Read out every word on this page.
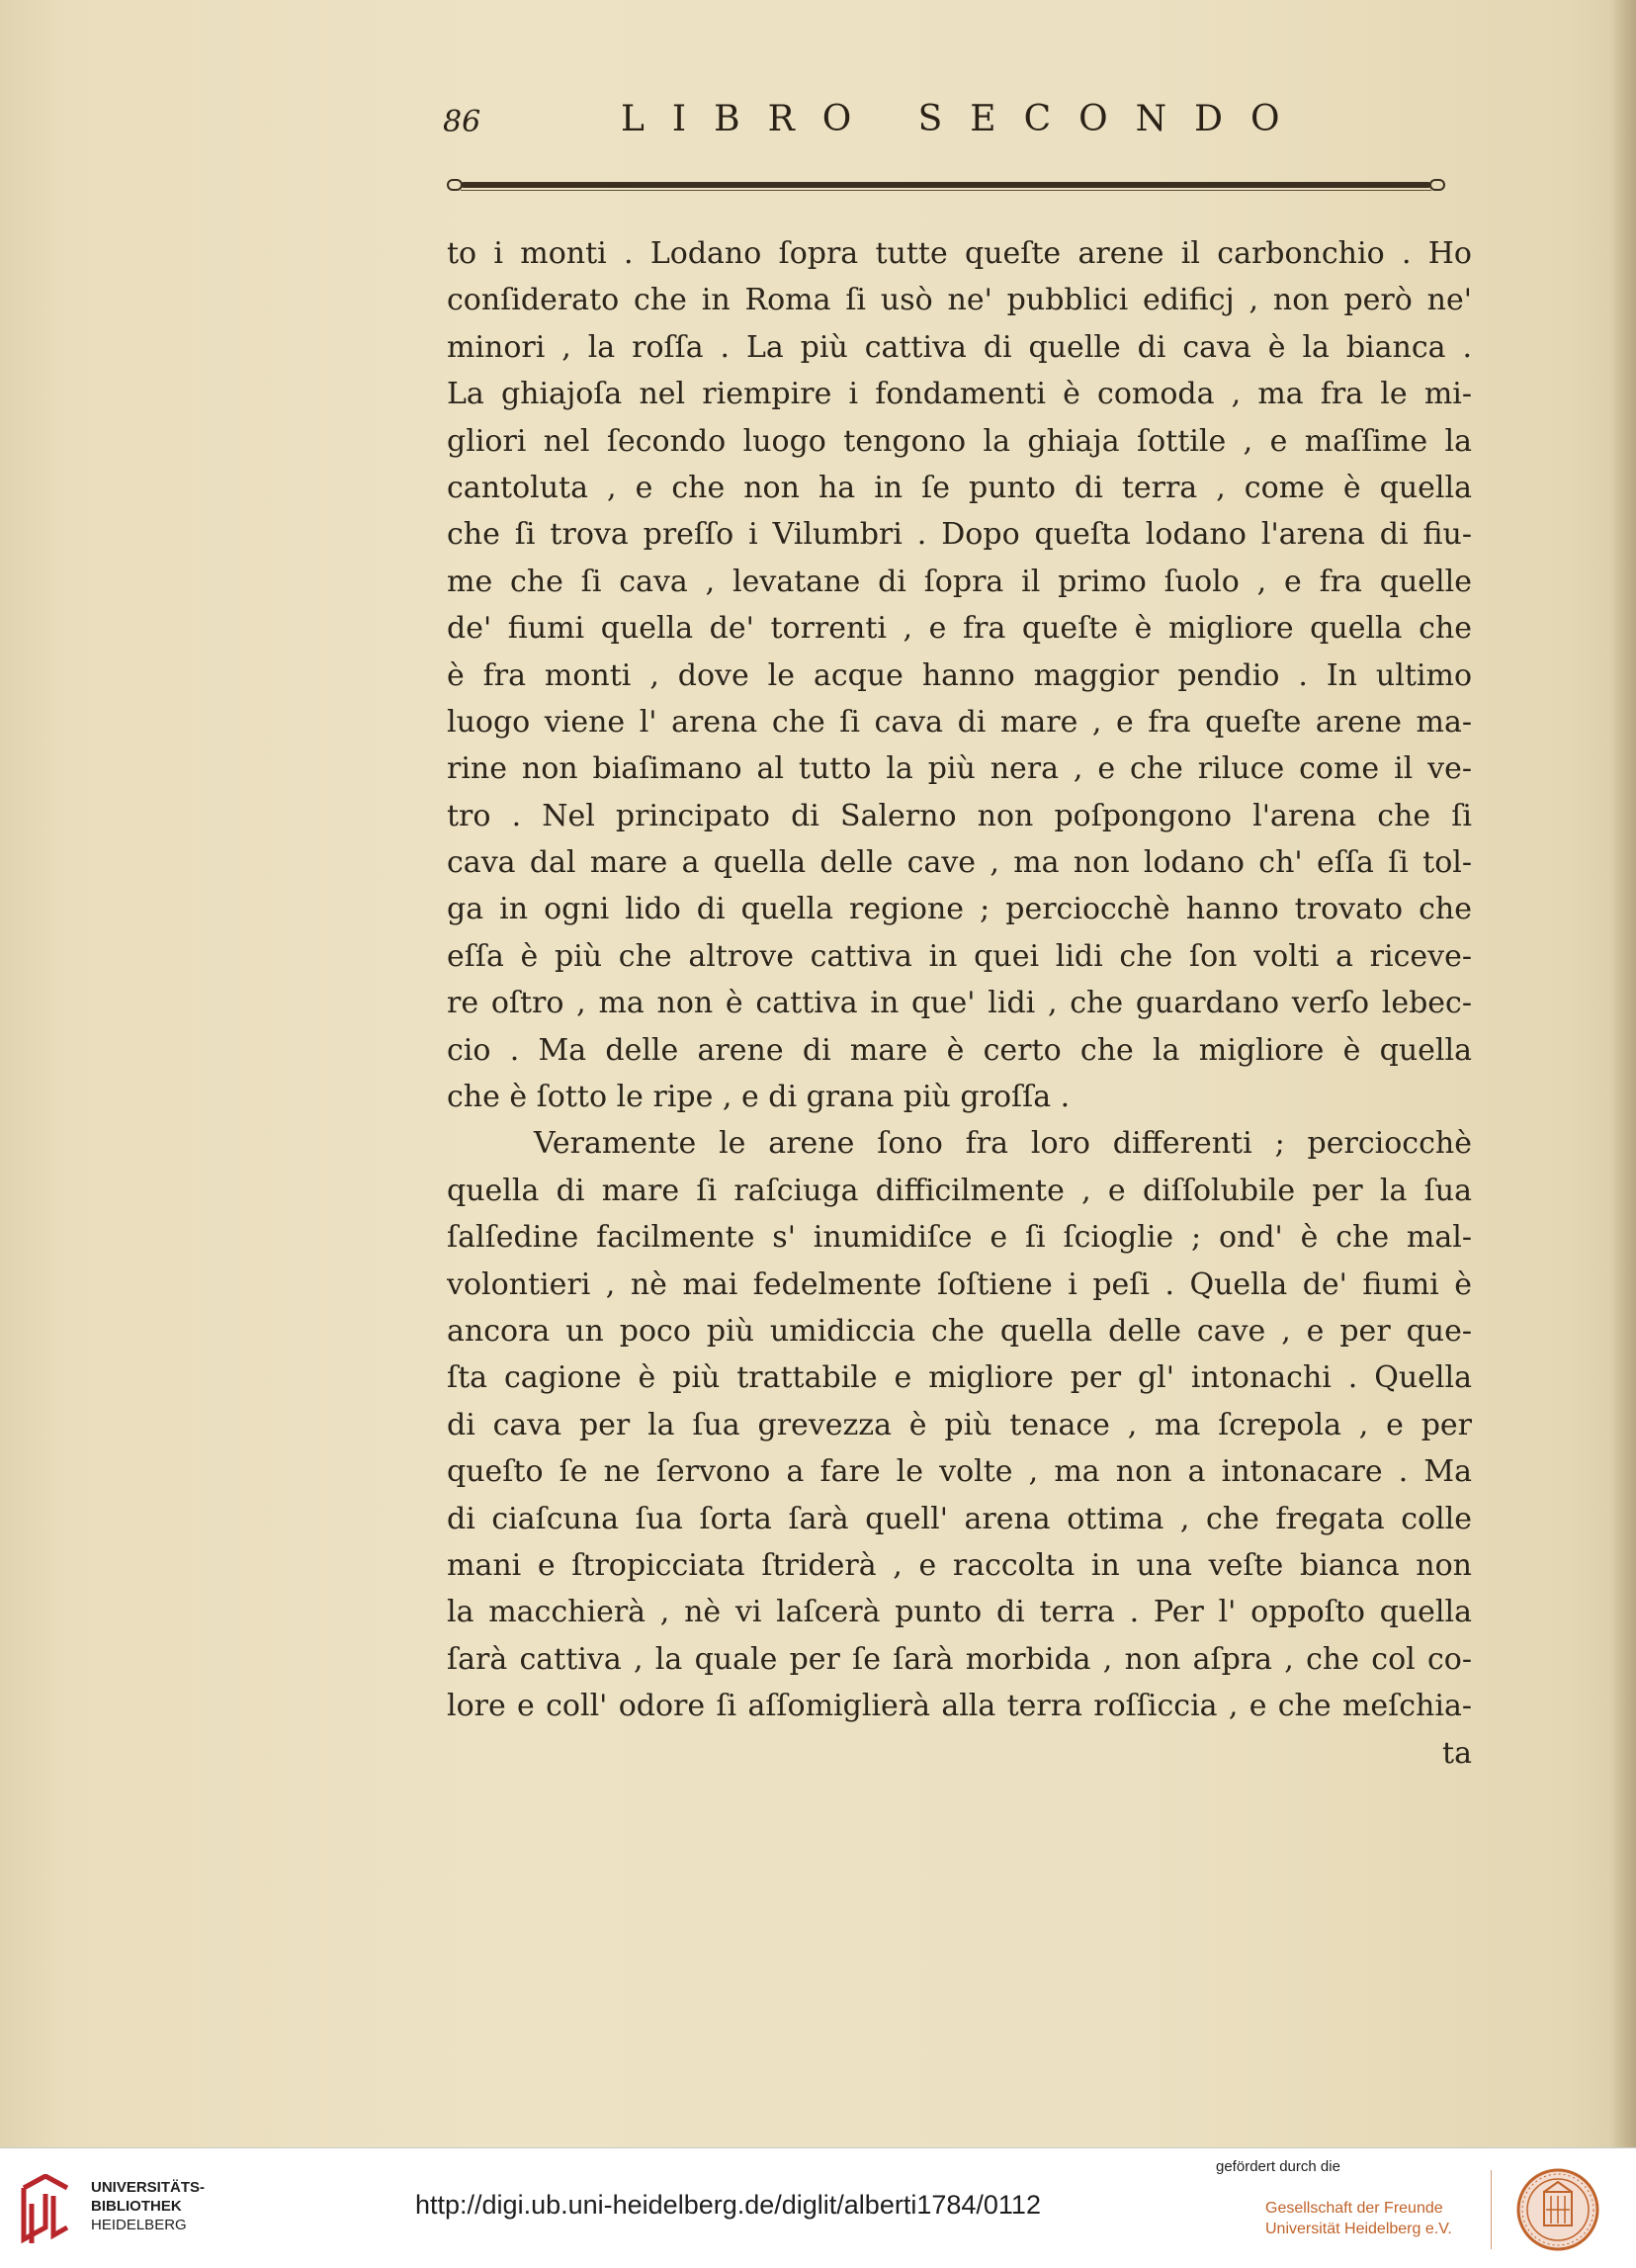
86	LIBRO SECONDO
to i monti . Lodano ſopra tutte queſte arene il carbonchio . Ho
conſiderato che in Roma ſi usò ne' pubblici edificj , non però ne'
minori , la roſſa . La più cattiva di quelle di cava è la bianca .
La ghiajoſa nel riempire i fondamenti è comoda , ma fra le mi-
gliori nel ſecondo luogo tengono la ghiaja ſottile , e maſſime la
cantoluta , e che non ha in ſe punto di terra , come è quella
che ſi trova preſſo i Vilumbri . Dopo queſta lodano l'arena di fiu-
me che ſi cava , levatane di ſopra il primo ſuolo , e fra quelle
de' fiumi quella de' torrenti , e fra queſte è migliore quella che
è fra monti , dove le acque hanno maggior pendio . In ultimo
luogo viene l' arena che ſi cava di mare , e fra queſte arene ma-
rine non biaſimano al tutto la più nera , e che riluce come il ve-
tro . Nel principato di Salerno non poſpongono l'arena che ſi
cava dal mare a quella delle cave , ma non lodano ch' eſſa ſi tol-
ga in ogni lido di quella regione ; perciocchè hanno trovato che
eſſa è più che altrove cattiva in quei lidi che ſon volti a riceve-
re oſtro , ma non è cattiva in que' lidi , che guardano verſo lebec-
cio . Ma delle arene di mare è certo che la migliore è quella
che è ſotto le ripe , e di grana più groſſa .
Veramente le arene ſono fra loro differenti ; perciocchè
quella di mare ſi raſciuga difficilmente , e diſſolubile per la ſua
ſalſedine facilmente s' inumidiſce e ſi ſcioglie ; ond' è che mal-
volontieri , nè mai fedelmente ſoſtiene i peſi . Quella de' fiumi è
ancora un poco più umidiccia che quella delle cave , e per que-
ſta cagione è più trattabile e migliore per gl' intonachi . Quella
di cava per la ſua grevezza è più tenace , ma ſcrepola , e per
queſto ſe ne ſervono a fare le volte , ma non a intonacare . Ma
di ciaſcuna ſua ſorta ſarà quell' arena ottima , che fregata colle
mani e ſtropicciata ſtriderà , e raccolta in una veſte bianca non
la macchierà , nè vi laſcerà punto di terra . Per l' oppoſto quella
ſarà cattiva , la quale per ſe ſarà morbida , non aſpra , che col co-
lore e coll' odore ſi aſſomiglierà alla terra roſſiccia , e che meſchia-
ta
UNIVERSITÄTS-
BIBLIOTHEK
HEIDELBERG
http://digi.ub.uni-heidelberg.de/diglit/alberti1784/0112
gefördert durch die
Gesellschaft der Freunde
Universität Heidelberg e.V.
